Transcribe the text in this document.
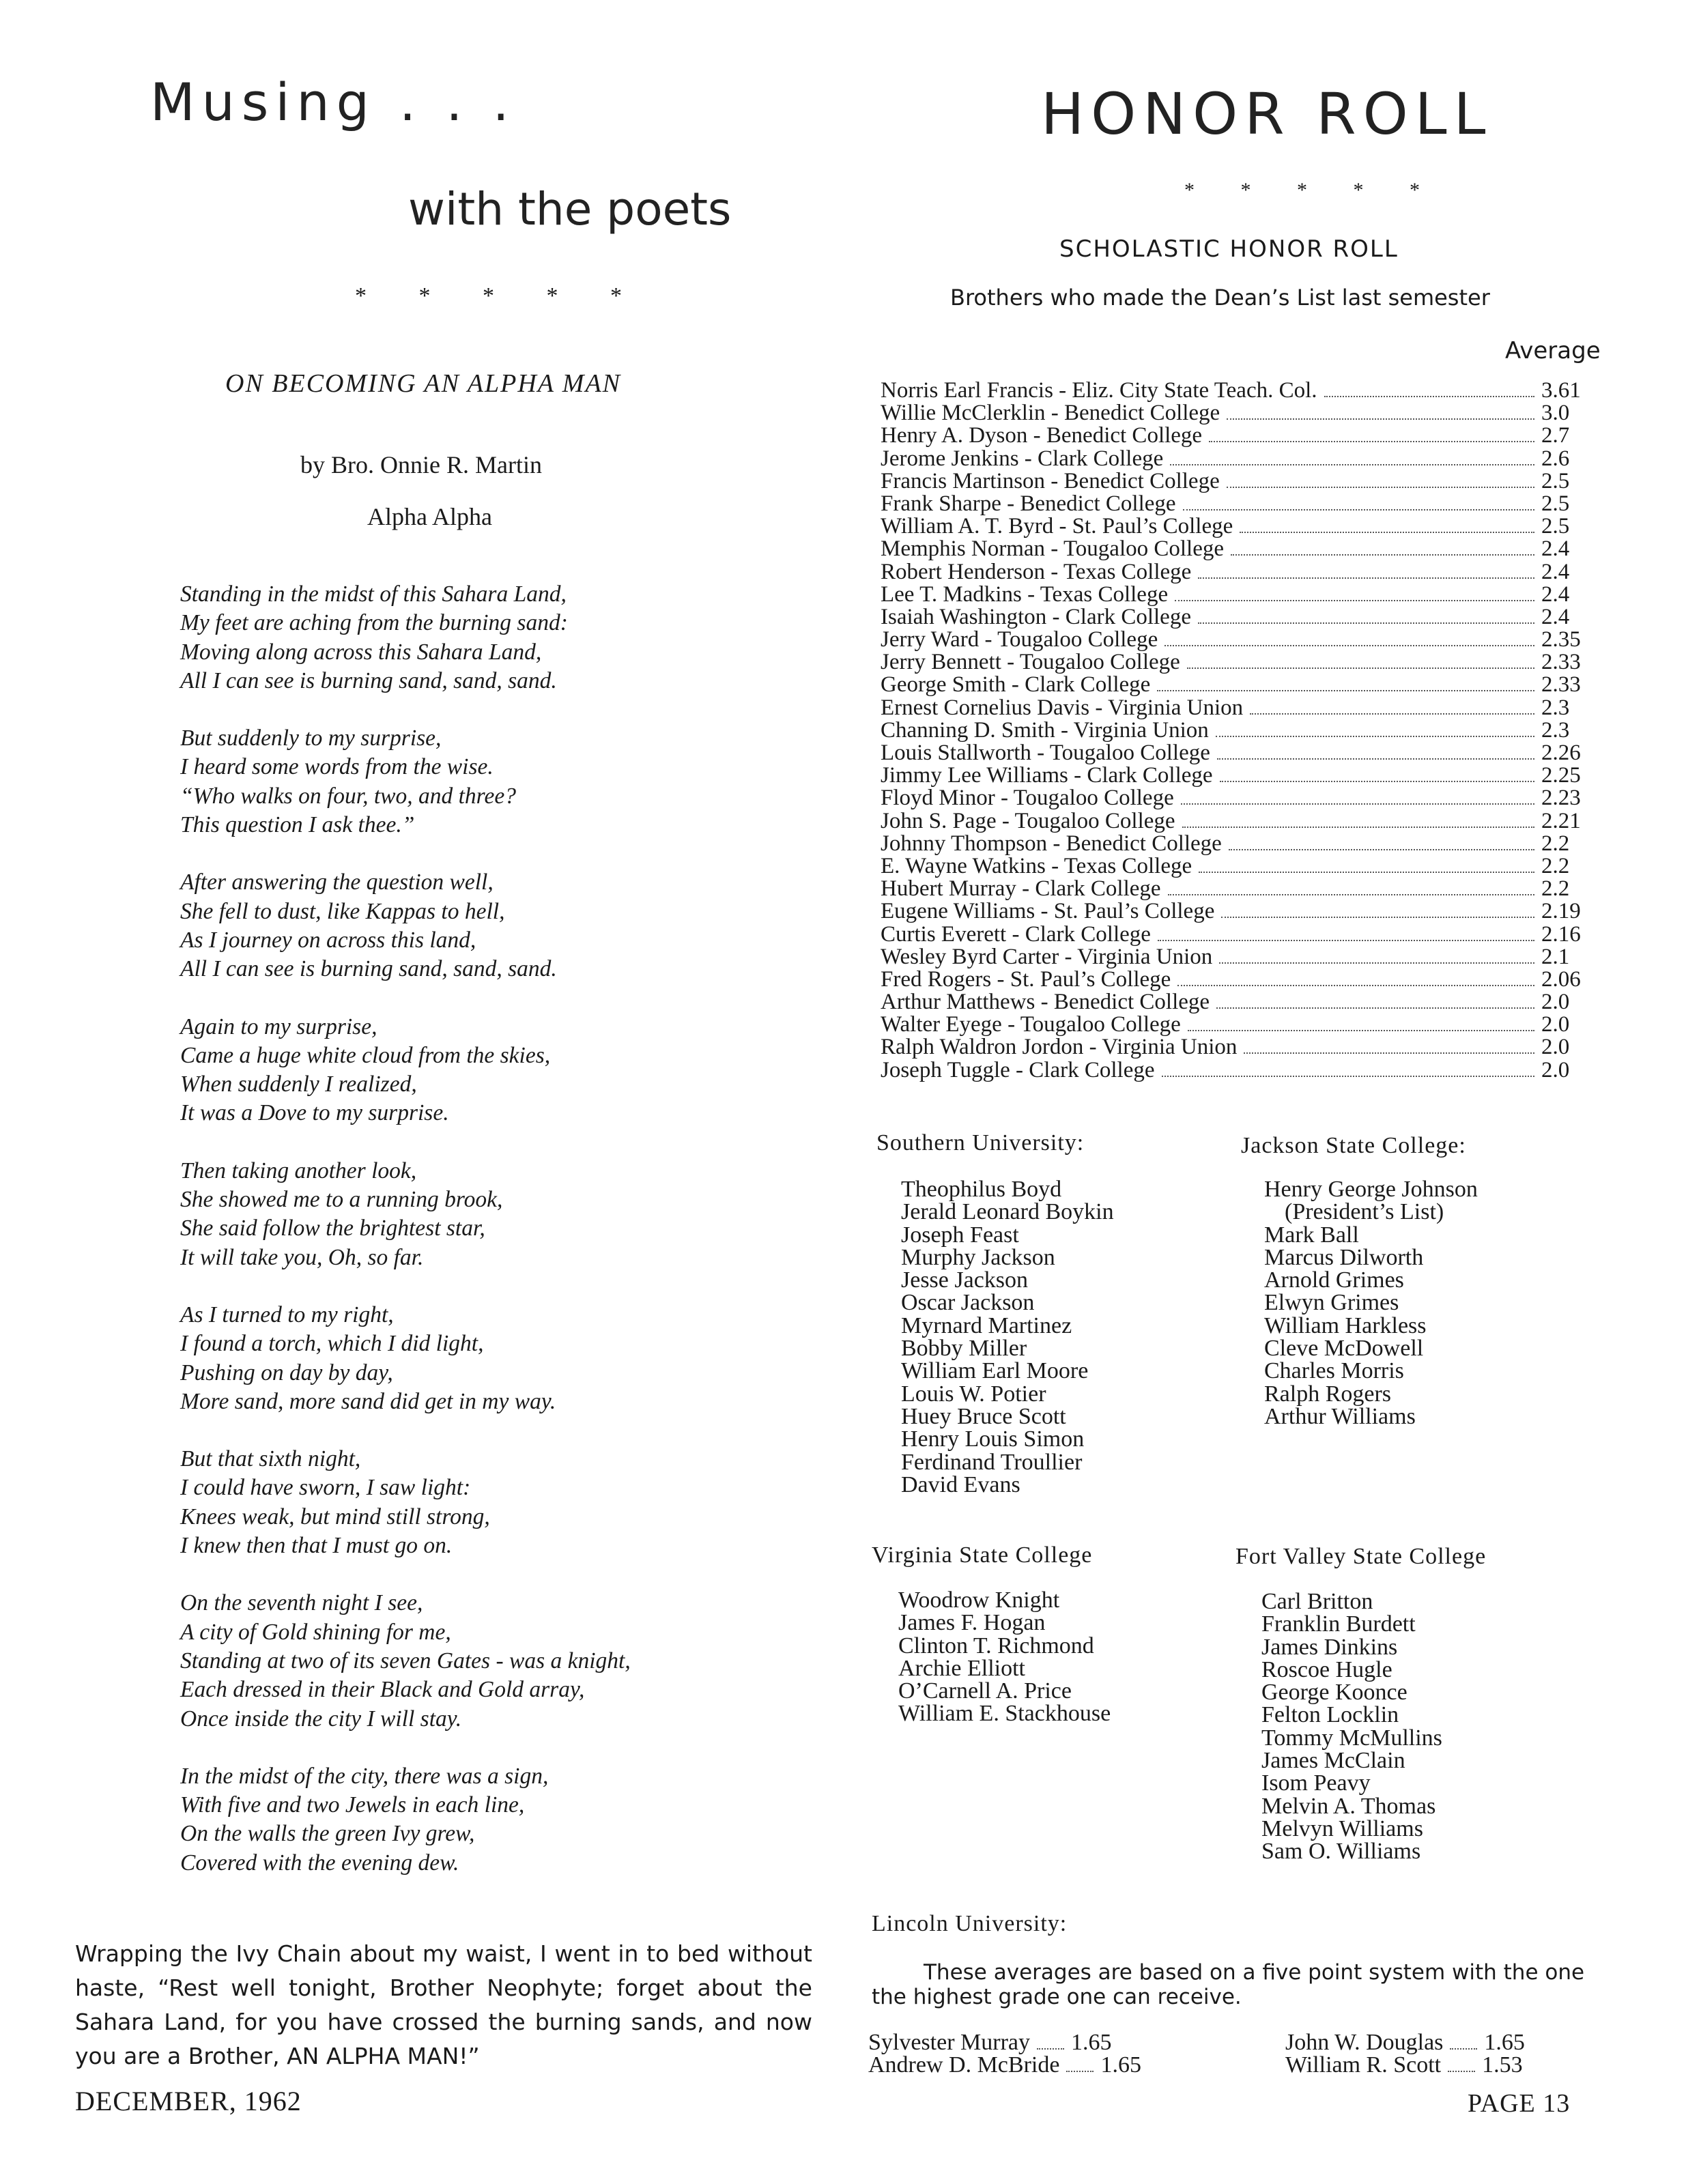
Musing . . .
with the poets
* * * * *
ON BECOMING AN ALPHA MAN
by Bro. Onnie R. Martin
Alpha Alpha
Standing in the midst of this Sahara Land,
My feet are aching from the burning sand:
Moving along across this Sahara Land,
All I can see is burning sand, sand, sand.
But suddenly to my surprise,
I heard some words from the wise.
“Who walks on four, two, and three?
This question I ask thee.”
After answering the question well,
She fell to dust, like Kappas to hell,
As I journey on across this land,
All I can see is burning sand, sand, sand.
Again to my surprise,
Came a huge white cloud from the skies,
When suddenly I realized,
It was a Dove to my surprise.
Then taking another look,
She showed me to a running brook,
She said follow the brightest star,
It will take you, Oh, so far.
As I turned to my right,
I found a torch, which I did light,
Pushing on day by day,
More sand, more sand did get in my way.
But that sixth night,
I could have sworn, I saw light:
Knees weak, but mind still strong,
I knew then that I must go on.
On the seventh night I see,
A city of Gold shining for me,
Standing at two of its seven Gates - was a knight,
Each dressed in their Black and Gold array,
Once inside the city I will stay.
In the midst of the city, there was a sign,
With five and two Jewels in each line,
On the walls the green Ivy grew,
Covered with the evening dew.
Wrapping the Ivy Chain about my waist, I went in to bed without haste, “Rest well tonight, Brother Neophyte; forget about the Sahara Land, for you have crossed the burning sands, and now you are a Brother, AN ALPHA MAN!”
DECEMBER, 1962
HONOR ROLL
* * * * *
SCHOLASTIC HONOR ROLL
Brothers who made the Dean’s List last semester
Average
Norris Earl Francis - Eliz. City State Teach. Col.	3.61
Willie McClerklin - Benedict College	3.0
Henry A. Dyson - Benedict College	2.7
Jerome Jenkins - Clark College	2.6
Francis Martinson - Benedict College	2.5
Frank Sharpe - Benedict College	2.5
William A. T. Byrd - St. Paul’s College	2.5
Memphis Norman - Tougaloo College	2.4
Robert Henderson - Texas College	2.4
Lee T. Madkins - Texas College	2.4
Isaiah Washington - Clark College	2.4
Jerry Ward - Tougaloo College	2.35
Jerry Bennett - Tougaloo College	2.33
George Smith - Clark College	2.33
Ernest Cornelius Davis - Virginia Union	2.3
Channing D. Smith - Virginia Union	2.3
Louis Stallworth - Tougaloo College	2.26
Jimmy Lee Williams - Clark College	2.25
Floyd Minor - Tougaloo College	2.23
John S. Page - Tougaloo College	2.21
Johnny Thompson - Benedict College	2.2
E. Wayne Watkins - Texas College	2.2
Hubert Murray - Clark College	2.2
Eugene Williams - St. Paul’s College	2.19
Curtis Everett - Clark College	2.16
Wesley Byrd Carter - Virginia Union	2.1
Fred Rogers - St. Paul’s College	2.06
Arthur Matthews - Benedict College	2.0
Walter Eyege - Tougaloo College	2.0
Ralph Waldron Jordon - Virginia Union	2.0
Joseph Tuggle - Clark College	2.0
Southern University:
Theophilus Boyd
Jerald Leonard Boykin
Joseph Feast
Murphy Jackson
Jesse Jackson
Oscar Jackson
Myrnard Martinez
Bobby Miller
William Earl Moore
Louis W. Potier
Huey Bruce Scott
Henry Louis Simon
Ferdinand Troullier
David Evans
Jackson State College:
Henry George Johnson
(President’s List)
Mark Ball
Marcus Dilworth
Arnold Grimes
Elwyn Grimes
William Harkless
Cleve McDowell
Charles Morris
Ralph Rogers
Arthur Williams
Virginia State College
Woodrow Knight
James F. Hogan
Clinton T. Richmond
Archie Elliott
O’Carnell A. Price
William E. Stackhouse
Fort Valley State College
Carl Britton
Franklin Burdett
James Dinkins
Roscoe Hugle
George Koonce
Felton Locklin
Tommy McMullins
James McClain
Isom Peavy
Melvin A. Thomas
Melvyn Williams
Sam O. Williams
Lincoln University:
These averages are based on a five point system with the one the highest grade one can receive.
Sylvester Murray 1.65
Andrew D. McBride 1.65
John W. Douglas 1.65
William R. Scott 1.53
PAGE 13
